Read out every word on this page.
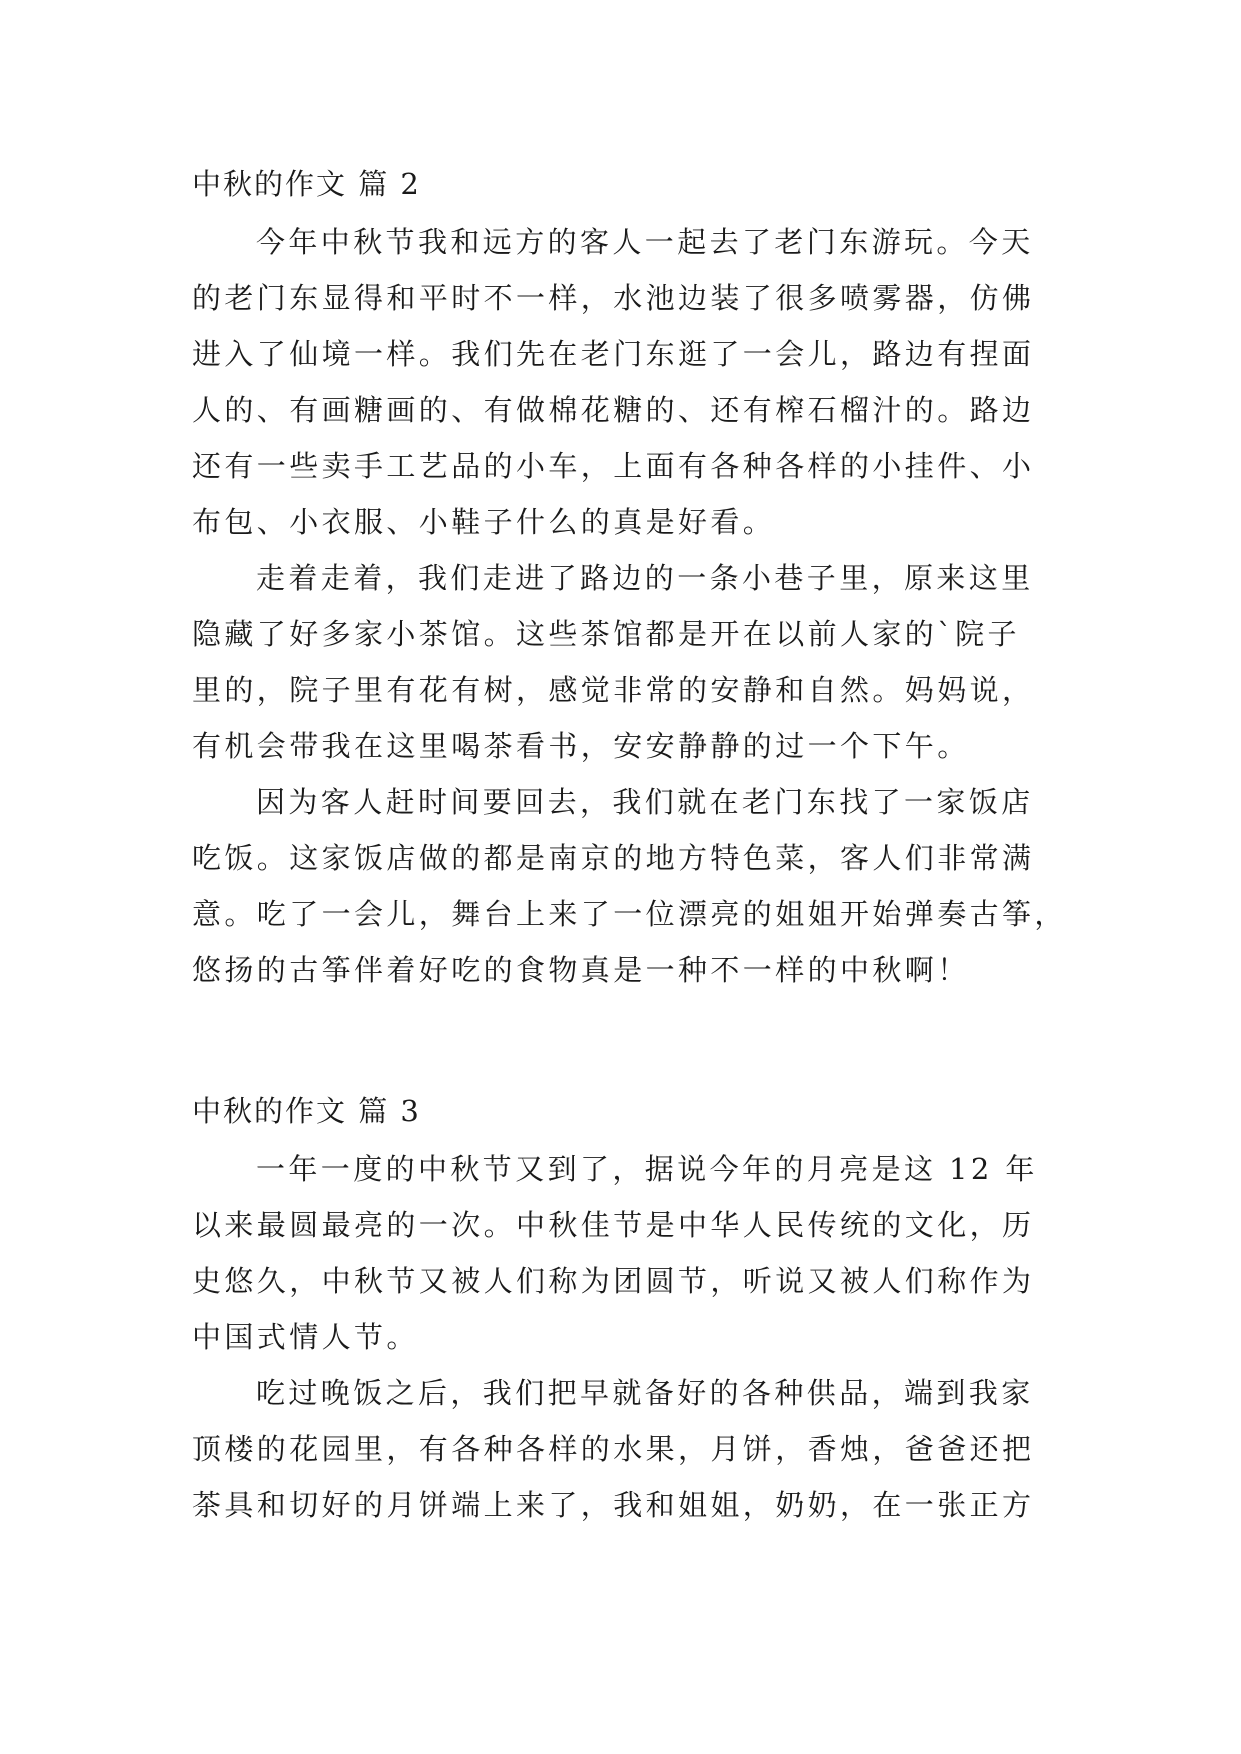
中秋的作文 篇 2
今年中秋节我和远方的客人一起去了老门东游玩。今天
的老门东显得和平时不一样，水池边装了很多喷雾器，仿佛
进入了仙境一样。我们先在老门东逛了一会儿，路边有捏面
人的、有画糖画的、有做棉花糖的、还有榨石榴汁的。路边
还有一些卖手工艺品的小车，上面有各种各样的小挂件、小
布包、小衣服、小鞋子什么的真是好看。
走着走着，我们走进了路边的一条小巷子里，原来这里
隐藏了好多家小茶馆。这些茶馆都是开在以前人家的`院子
里的，院子里有花有树，感觉非常的安静和自然。妈妈说，
有机会带我在这里喝茶看书，安安静静的过一个下午。
因为客人赶时间要回去，我们就在老门东找了一家饭店
吃饭。这家饭店做的都是南京的地方特色菜，客人们非常满
意。吃了一会儿，舞台上来了一位漂亮的姐姐开始弹奏古筝，
悠扬的古筝伴着好吃的食物真是一种不一样的中秋啊！
中秋的作文 篇 3
一年一度的中秋节又到了，据说今年的月亮是这 12 年
以来最圆最亮的一次。中秋佳节是中华人民传统的文化，历
史悠久，中秋节又被人们称为团圆节，听说又被人们称作为
中国式情人节。
吃过晚饭之后，我们把早就备好的各种供品，端到我家
顶楼的花园里，有各种各样的水果，月饼，香烛，爸爸还把
茶具和切好的月饼端上来了，我和姐姐，奶奶，在一张正方
